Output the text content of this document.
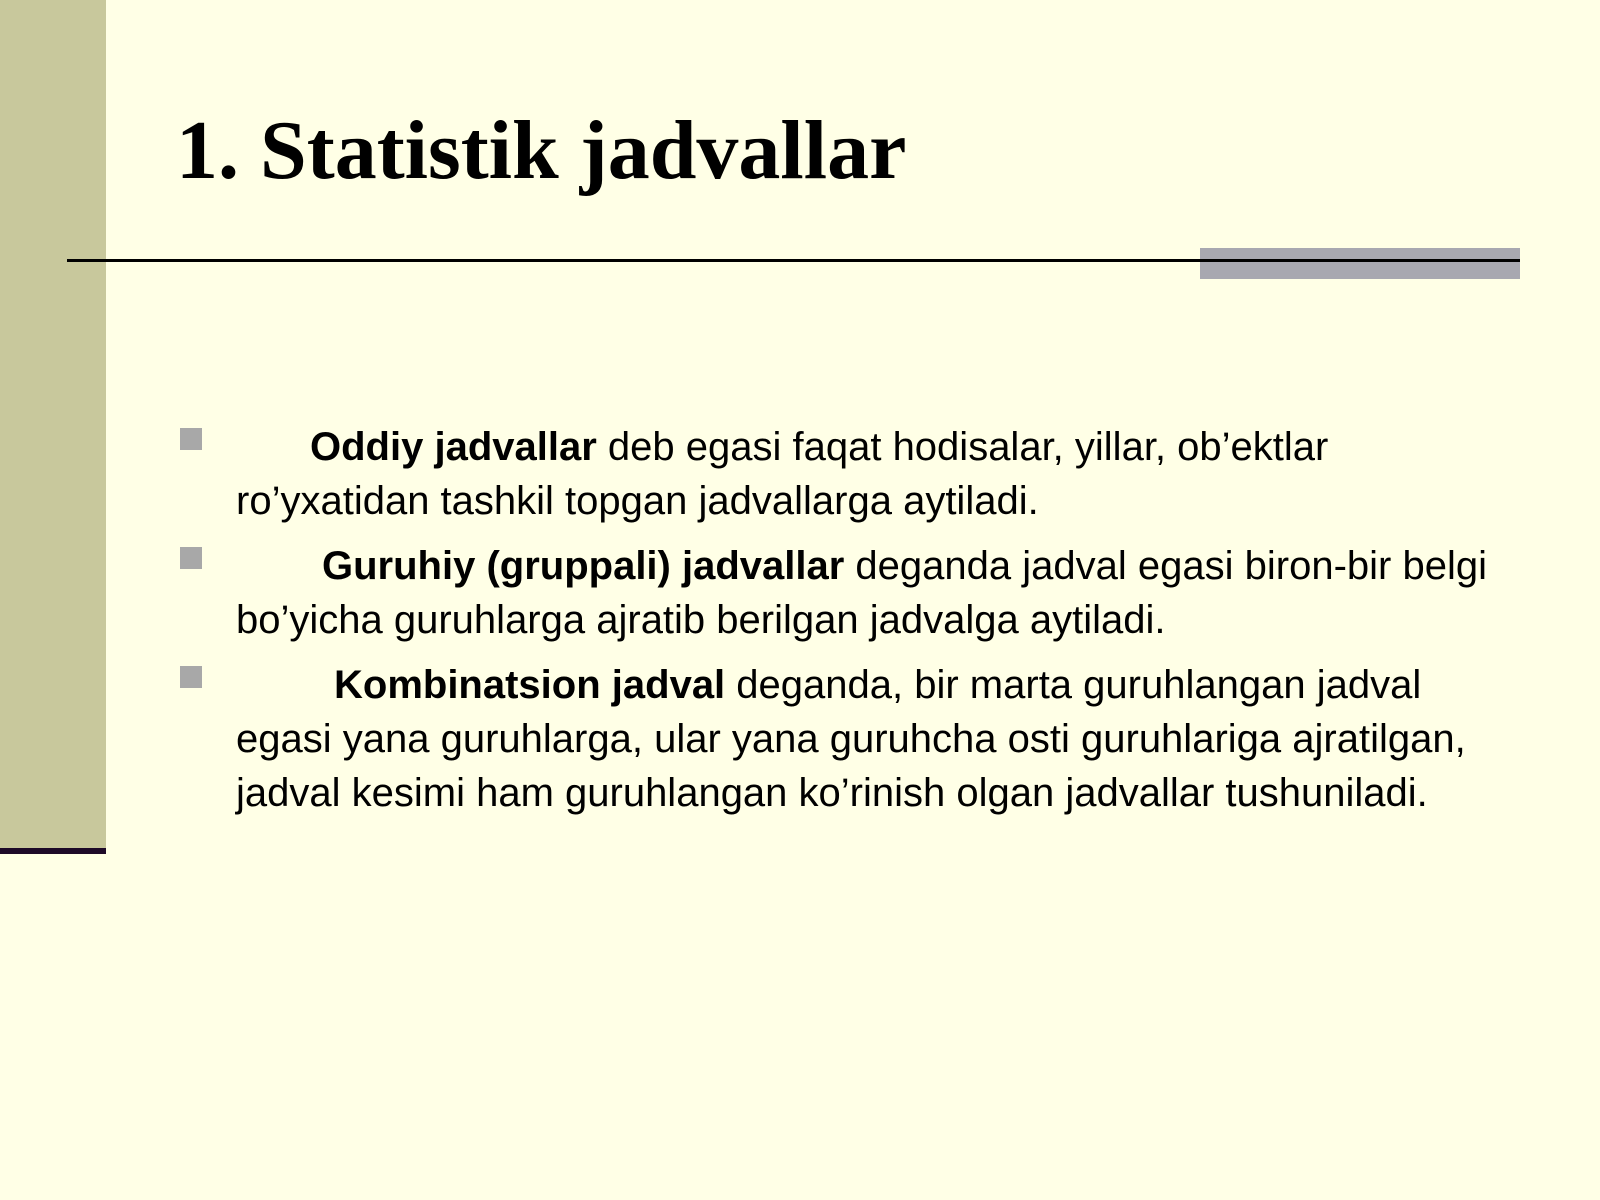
1. Statistik jadvallar
Oddiy jadvallar deb egasi faqat hodisalar, yillar, ob’ektlar ro’yxatidan tashkil topgan jadvallarga aytiladi.
Guruhiy (gruppali) jadvallar deganda jadval egasi biron-bir belgi bo’yicha guruhlarga ajratib berilgan jadvalga aytiladi.
Kombinatsion jadval deganda, bir marta guruhlangan jadval egasi yana guruhlarga, ular yana guruhcha osti guruhlariga ajratilgan, jadval kesimi ham guruhlangan ko’rinish olgan jadvallar tushuniladi.
